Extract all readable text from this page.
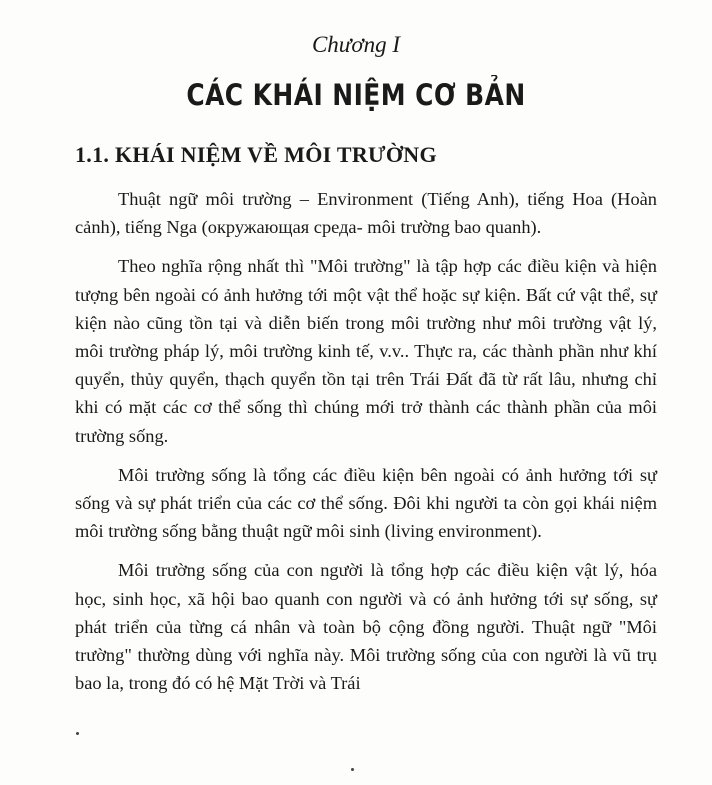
Chương I
CÁC KHÁI NIỆM CƠ BẢN
1.1. KHÁI NIỆM VỀ MÔI TRƯỜNG

Thuật ngữ môi trường – Environment (Tiếng Anh), tiếng Hoa (Hoàn cảnh), tiếng Nga (окружающая среда- môi trường bao quanh).

Theo nghĩa rộng nhất thì "Môi trường" là tập hợp các điều kiện và hiện tượng bên ngoài có ảnh hưởng tới một vật thể hoặc sự kiện. Bất cứ vật thể, sự kiện nào cũng tồn tại và diễn biến trong môi trường như môi trường vật lý, môi trường pháp lý, môi trường kinh tế, v.v.. Thực ra, các thành phần như khí quyển, thủy quyển, thạch quyển tồn tại trên Trái Đất đã từ rất lâu, nhưng chỉ khi có mặt các cơ thể sống thì chúng mới trở thành các thành phần của môi trường sống.

Môi trường sống là tổng các điều kiện bên ngoài có ảnh hưởng tới sự sống và sự phát triển của các cơ thể sống. Đôi khi người ta còn gọi khái niệm môi trường sống bằng thuật ngữ môi sinh (living environment).

Môi trường sống của con người là tổng hợp các điều kiện vật lý, hóa học, sinh học, xã hội bao quanh con người và có ảnh hưởng tới sự sống, sự phát triển của từng cá nhân và toàn bộ cộng đồng người. Thuật ngữ "Môi trường" thường dùng với nghĩa này. Môi trường sống của con người là vũ trụ bao la, trong đó có hệ Mặt Trời và Trái
